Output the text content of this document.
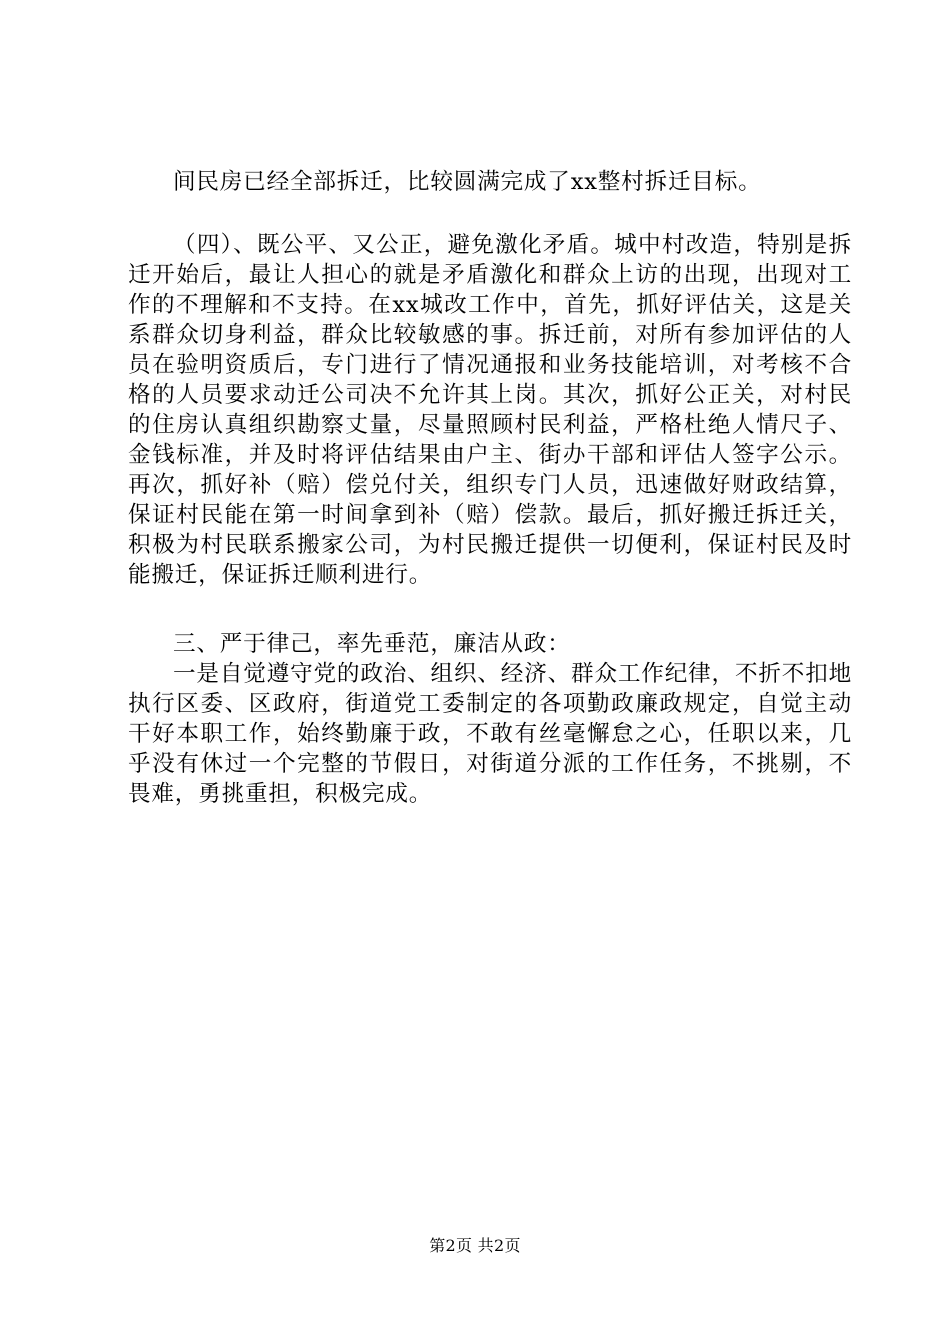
间民房已经全部拆迁，比较圆满完成了xx整村拆迁目标。

（四）、既公平、又公正，避免激化矛盾。城中村改造，特别是拆迁开始后，最让人担心的就是矛盾激化和群众上访的出现，出现对工作的不理解和不支持。在xx城改工作中，首先，抓好评估关，这是关系群众切身利益，群众比较敏感的事。拆迁前，对所有参加评估的人员在验明资质后，专门进行了情况通报和业务技能培训，对考核不合格的人员要求动迁公司决不允许其上岗。其次，抓好公正关，对村民的住房认真组织勘察丈量，尽量照顾村民利益，严格杜绝人情尺子、金钱标准，并及时将评估结果由户主、街办干部和评估人签字公示。再次，抓好补（赔）偿兑付关，组织专门人员，迅速做好财政结算，保证村民能在第一时间拿到补（赔）偿款。最后，抓好搬迁拆迁关，积极为村民联系搬家公司，为村民搬迁提供一切便利，保证村民及时能搬迁，保证拆迁顺利进行。

三、严于律己，率先垂范，廉洁从政：

一是自觉遵守党的政治、组织、经济、群众工作纪律，不折不扣地执行区委、区政府，街道党工委制定的各项勤政廉政规定，自觉主动干好本职工作，始终勤廉于政，不敢有丝毫懈怠之心，任职以来，几乎没有休过一个完整的节假日，对街道分派的工作任务，不挑剔，不畏难，勇挑重担，积极完成。

第2页 共2页
